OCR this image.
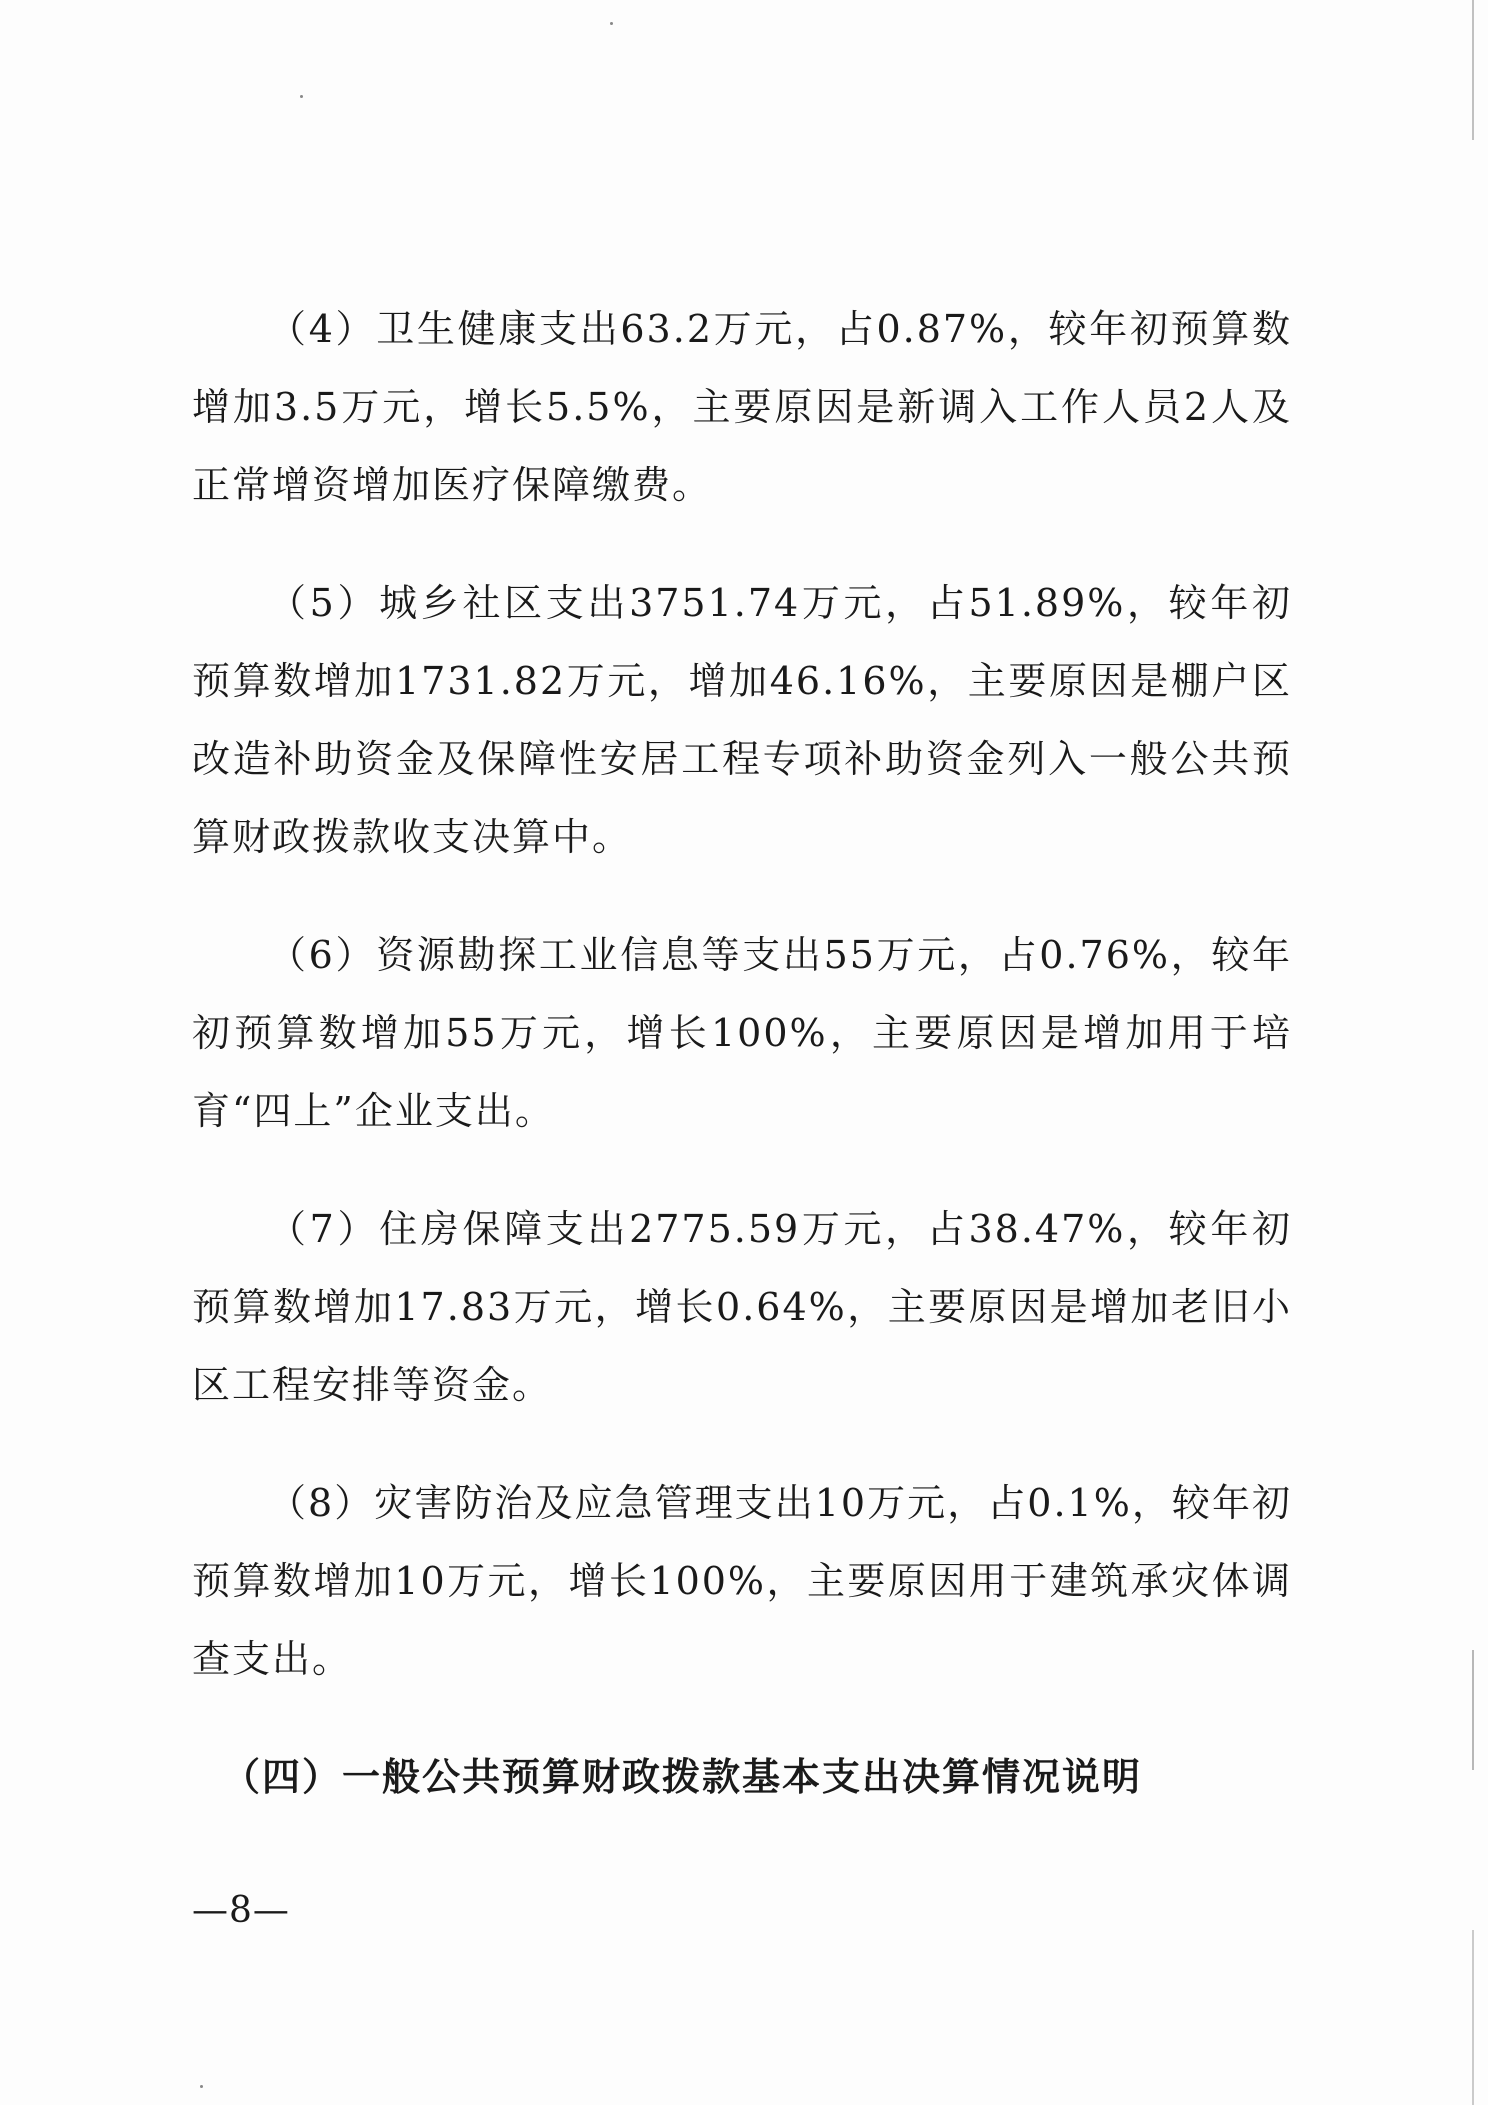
（4）卫生健康支出63.2万元，占0.87%，较年初预算数增加3.5万元，增长5.5%，主要原因是新调入工作人员2人及正常增资增加医疗保障缴费。

（5）城乡社区支出3751.74万元，占51.89%，较年初预算数增加1731.82万元，增加46.16%，主要原因是棚户区改造补助资金及保障性安居工程专项补助资金列入一般公共预算财政拨款收支决算中。

（6）资源勘探工业信息等支出55万元，占0.76%，较年初预算数增加55万元，增长100%，主要原因是增加用于培育“四上”企业支出。

（7）住房保障支出2775.59万元，占38.47%，较年初预算数增加17.83万元，增长0.64%，主要原因是增加老旧小区工程安排等资金。

（8）灾害防治及应急管理支出10万元，占0.1%，较年初预算数增加10万元，增长100%，主要原因用于建筑承灾体调查支出。

（四）一般公共预算财政拨款基本支出决算情况说明
—8—
